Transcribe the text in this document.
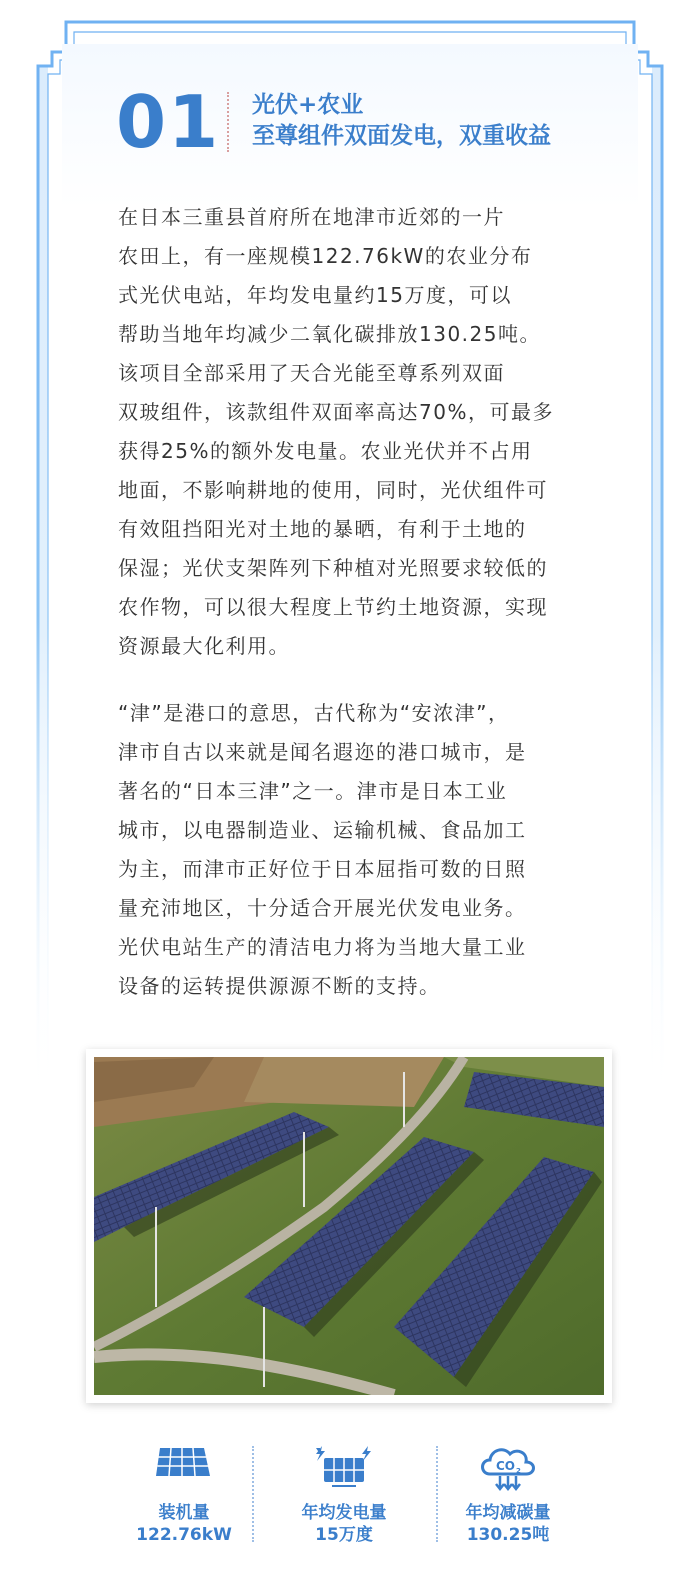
01 光伏+农业
至尊组件双面发电，双重收益
在日本三重县首府所在地津市近郊的一片
农田上，有一座规模122.76kW的农业分布
式光伏电站，年均发电量约15万度，可以
帮助当地年均减少二氧化碳排放130.25吨。
该项目全部采用了天合光能至尊系列双面
双玻组件，该款组件双面率高达70%，可最多
获得25%的额外发电量。农业光伏并不占用
地面，不影响耕地的使用，同时，光伏组件可
有效阻挡阳光对土地的暴晒，有利于土地的
保湿；光伏支架阵列下种植对光照要求较低的
农作物，可以很大程度上节约土地资源，实现
资源最大化利用。
“津”是港口的意思，古代称为“安浓津”，
津市自古以来就是闻名遐迩的港口城市，是
著名的“日本三津”之一。津市是日本工业
城市，以电器制造业、运输机械、食品加工
为主，而津市正好位于日本屈指可数的日照
量充沛地区，十分适合开展光伏发电业务。
光伏电站生产的清洁电力将为当地大量工业
设备的运转提供源源不断的支持。
装机量
122.76kW
年均发电量
15万度
CO 2
年均减碳量
130.25吨
